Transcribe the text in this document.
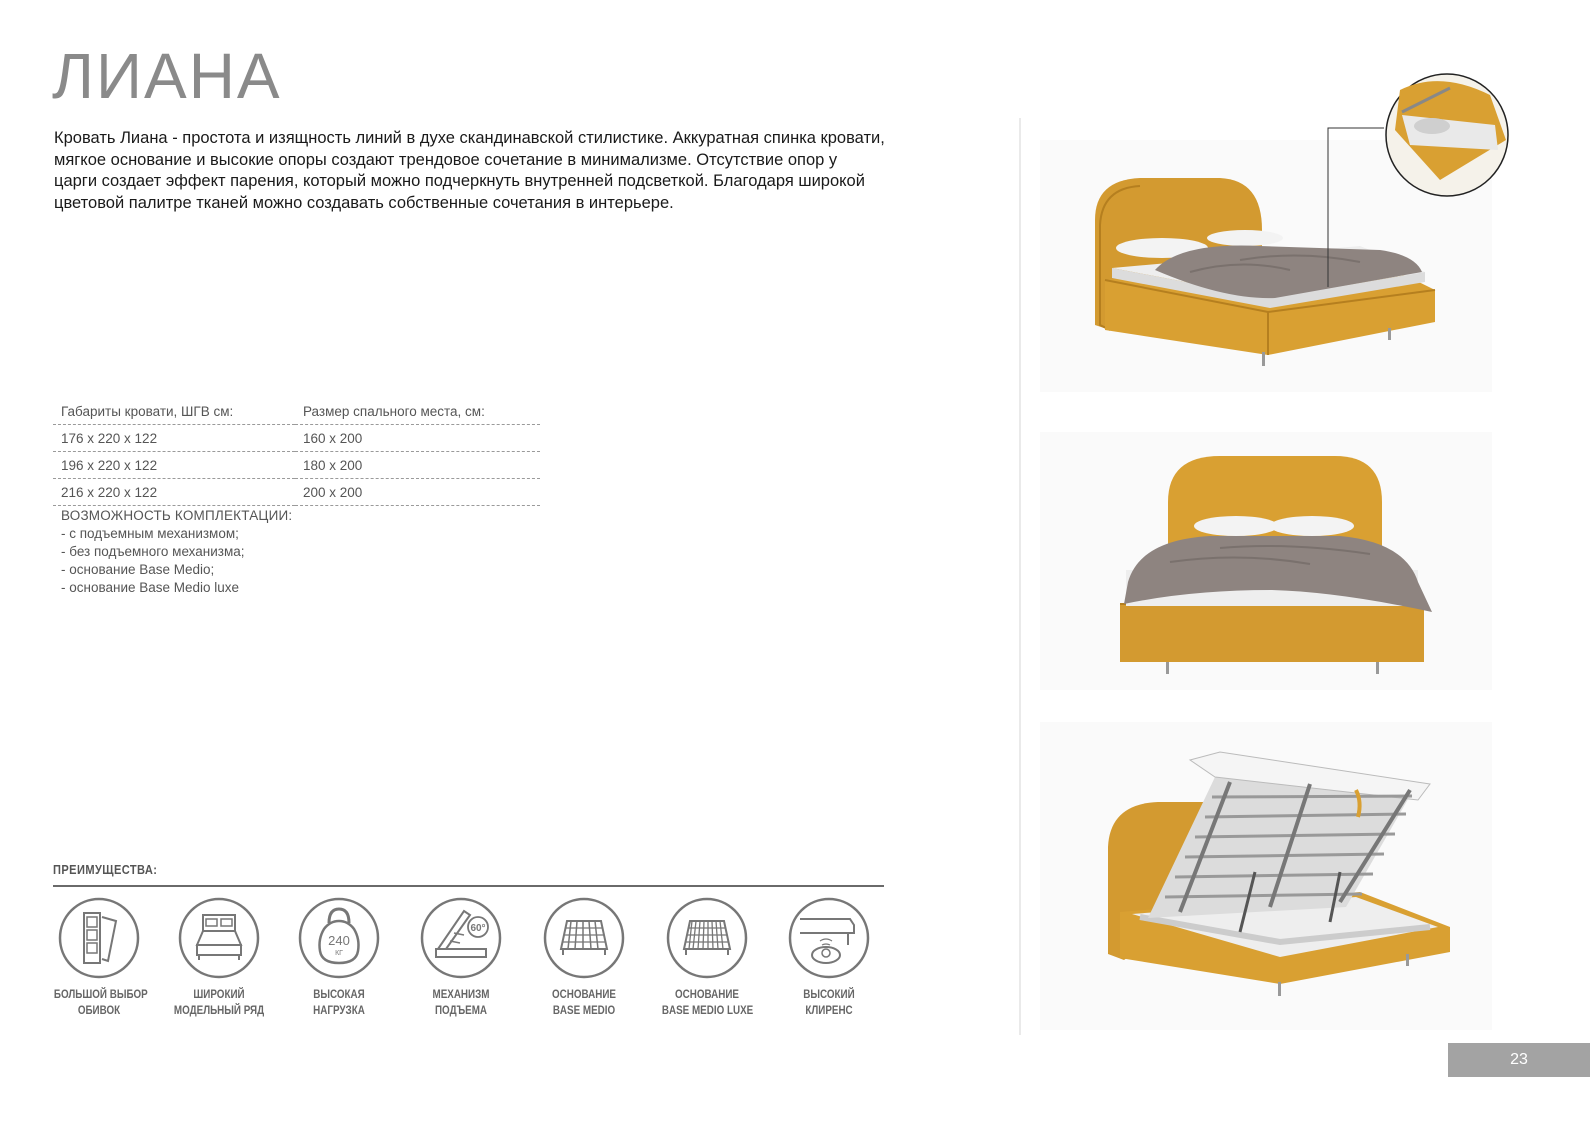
ЛИАНА

Кровать Лиана - простота и изящность линий в духе скандинавской стилистике. Аккуратная спинка кровати,

мягкое основание и высокие опоры создают трендовое сочетание в минимализме. Отсутствие опор у

царги создает эффект парения, который можно подчеркнуть внутренней подсветкой. Благодаря широкой

цветовой палитре тканей можно создавать собственные сочетания в интерьере.

Габариты кровати, ШГВ см:	Размер спального места, см:
176 x 220 x 122	160 x 200
196 x 220 x 122	180 x 200
216 x 220 x 122	200 x 200
ВОЗМОЖНОСТЬ КОМПЛЕКТАЦИИ:
- с подъемным механизмом;
- без подъемного механизма;
- основание Base Medio;
- основание Base Medio luxe
ПРЕИМУЩЕСТВА:
БОЛЬШОЙ ВЫБОР
ОБИВОК
ШИРОКИЙ
МОДЕЛЬНЫЙ РЯД
240
КГ
ВЫСОКАЯ
НАГРУЗКА
60°
МЕХАНИЗМ
ПОДЪЕМА
ОСНОВАНИЕ
BASE MEDIO
ОСНОВАНИЕ
BASE MEDIO LUXE
ВЫСОКИЙ
КЛИРЕНС
23
